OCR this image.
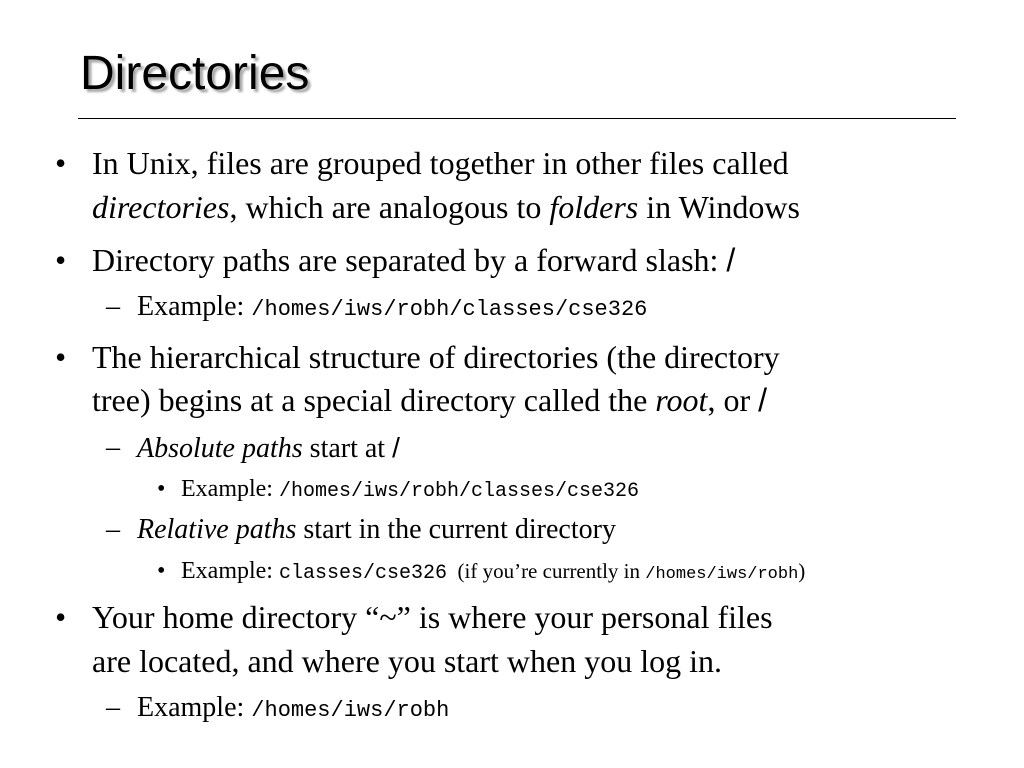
Directories
• In Unix, files are grouped together in other files called
directories, which are analogous to folders in Windows
• Directory paths are separated by a forward slash: /
– Example: /homes/iws/robh/classes/cse326
• The hierarchical structure of directories (the directory
tree) begins at a special directory called the root, or /
– Absolute paths start at /
• Example: /homes/iws/robh/classes/cse326
– Relative paths start in the current directory
• Example: classes/cse326  (if you’re currently in /homes/iws/robh)
• Your home directory “~” is where your personal files
are located, and where you start when you log in.
– Example: /homes/iws/robh
